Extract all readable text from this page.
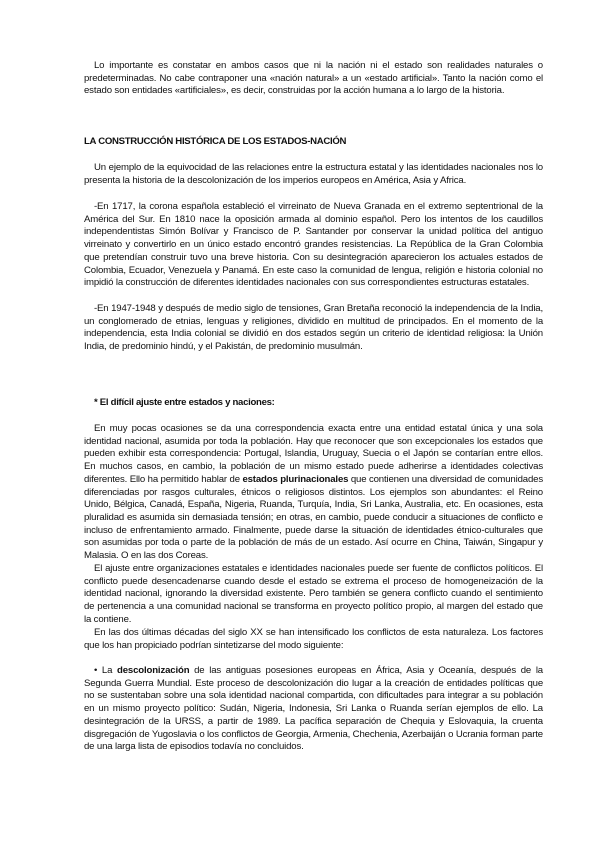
Lo importante es constatar en ambos casos que ni la nación ni el estado son realidades naturales o predeterminadas. No cabe contraponer una «nación natural» a un «estado artificial». Tanto la nación como el estado son entidades «artificiales», es decir, construidas por la acción humana a lo largo de la historia.

LA CONSTRUCCIÓN HISTÓRICA DE LOS ESTADOS-NACIÓN

Un ejemplo de la equivocidad de las relaciones entre la estructura estatal y las identidades nacionales nos lo presenta la historia de la descolonización de los imperios europeos en América, Asia y Africa.

-En 1717, la corona española estableció el virreinato de Nueva Granada en el extremo septentrional de la América del Sur. En 1810 nace la oposición armada al dominio español. Pero los intentos de los caudillos independentistas Simón Bolívar y Francisco de P. Santander por conservar la unidad política del antiguo virreinato y convertirlo en un único estado encontró grandes resistencias. La República de la Gran Colombia que pretendían construir tuvo una breve historia. Con su desintegración aparecieron los actuales estados de Colombia, Ecuador, Venezuela y Panamá. En este caso la comunidad de lengua, religión e historia colonial no impidió la construcción de diferentes identidades nacionales con sus correspondientes estructuras estatales.

-En 1947-1948 y después de medio siglo de tensiones, Gran Bretaña reconoció la independencia de la India, un conglomerado de etnias, lenguas y religiones, dividido en multitud de principados. En el momento de la independencia, esta India colonial se dividió en dos estados según un criterio de identidad religiosa: la Unión India, de predominio hindú, y el Pakistán, de predominio musulmán.

* El difícil ajuste entre estados y naciones:

En muy pocas ocasiones se da una correspondencia exacta entre una entidad estatal única y una sola identidad nacional, asumida por toda la población. Hay que reconocer que son excepcionales los estados que pueden exhibir esta correspondencia: Portugal, Islandia, Uruguay, Suecia o el Japón se contarían entre ellos. En muchos casos, en cambio, la población de un mismo estado puede adherirse a identidades colectivas diferentes. Ello ha permitido hablar de estados plurinacionales que contienen una diversidad de comunidades diferenciadas por rasgos culturales, étnicos o religiosos distintos. Los ejemplos son abundantes: el Reino Unido, Bélgica, Canadá, España, Nigeria, Ruanda, Turquía, India, Sri Lanka, Australia, etc. En ocasiones, esta pluralidad es asumida sin demasiada tensión; en otras, en cambio, puede conducir a situaciones de conflicto e incluso de enfrentamiento armado. Finalmente, puede darse la situación de identidades étnico-culturales que son asumidas por toda o parte de la población de más de un estado. Así ocurre en China, Taiwán, Singapur y Malasia. O en las dos Coreas.

El ajuste entre organizaciones estatales e identidades nacionales puede ser fuente de conflictos políticos. El conflicto puede desencadenarse cuando desde el estado se extrema el proceso de homogeneización de la identidad nacional, ignorando la diversidad existente. Pero también se genera conflicto cuando el sentimiento de pertenencia a una comunidad nacional se transforma en proyecto político propio, al margen del estado que la contiene.

En las dos últimas décadas del siglo XX se han intensificado los conflictos de esta naturaleza. Los factores que los han propiciado podrían sintetizarse del modo siguiente:

• La descolonización de las antiguas posesiones europeas en África, Asia y Oceanía, después de la Segunda Guerra Mundial. Este proceso de descolonización dio lugar a la creación de entidades políticas que no se sustentaban sobre una sola identidad nacional compartida, con dificultades para integrar a su población en un mismo proyecto político: Sudán, Nigeria, Indonesia, Sri Lanka o Ruanda serían ejemplos de ello. La desintegración de la URSS, a partir de 1989. La pacífica separación de Chequia y Eslovaquia, la cruenta disgregación de Yugoslavia o los conflictos de Georgia, Armenia, Chechenia, Azerbaiján o Ucrania forman parte de una larga lista de episodios todavía no concluidos.
